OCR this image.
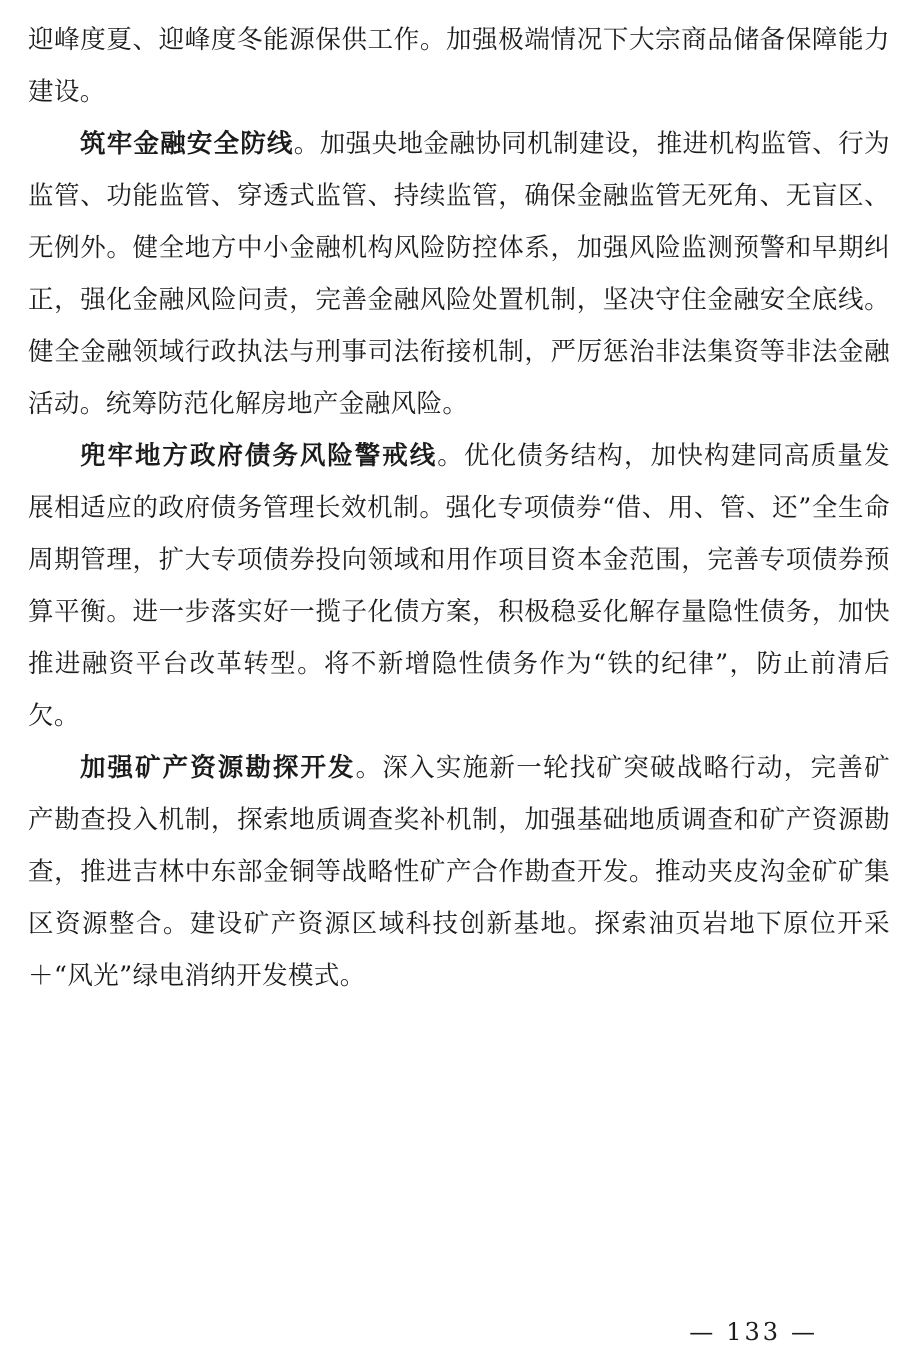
迎峰度夏、迎峰度冬能源保供工作。加强极端情况下大宗商品储备保障能力建设。

筑牢金融安全防线。加强央地金融协同机制建设，推进机构监管、行为监管、功能监管、穿透式监管、持续监管，确保金融监管无死角、无盲区、无例外。健全地方中小金融机构风险防控体系，加强风险监测预警和早期纠正，强化金融风险问责，完善金融风险处置机制，坚决守住金融安全底线。健全金融领域行政执法与刑事司法衔接机制，严厉惩治非法集资等非法金融活动。统筹防范化解房地产金融风险。

兜牢地方政府债务风险警戒线。优化债务结构，加快构建同高质量发展相适应的政府债务管理长效机制。强化专项债券“借、用、管、还”全生命周期管理，扩大专项债券投向领域和用作项目资本金范围，完善专项债券预算平衡。进一步落实好一揽子化债方案，积极稳妥化解存量隐性债务，加快推进融资平台改革转型。将不新增隐性债务作为“铁的纪律”，防止前清后欠。

加强矿产资源勘探开发。深入实施新一轮找矿突破战略行动，完善矿产勘查投入机制，探索地质调查奖补机制，加强基础地质调查和矿产资源勘查，推进吉林中东部金铜等战略性矿产合作勘查开发。推动夹皮沟金矿矿集区资源整合。建设矿产资源区域科技创新基地。探索油页岩地下原位开采＋“风光”绿电消纳开发模式。

— 133 —
